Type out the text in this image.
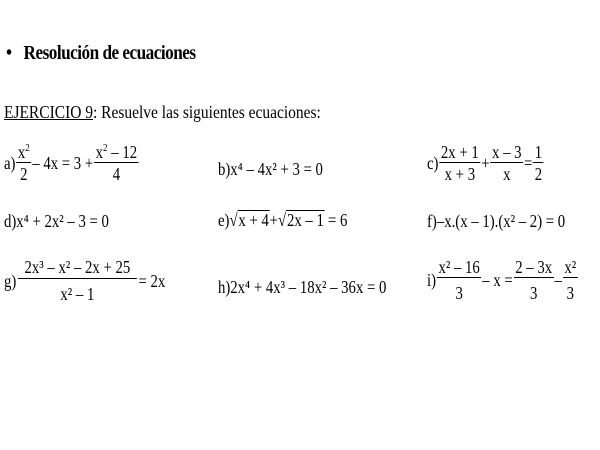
• Resolución de ecuaciones
EJERCICIO 9: Resuelve las siguientes ecuaciones:
$a) \frac{x^2}{2} - 4x = 3 + \frac{x^2 - 12}{4}$	b) x⁴ – 4x² + 3 = 0	$c) \frac{2x + 1}{x + 3} + \frac{x - 3}{x} = \frac{1}{2}$
d) x⁴ + 2x² – 3 = 0	e) √ x + 4 + √ 2x – 1 = 6	f) –x.(x – 1).(x² – 2) = 0
$g) \frac{\text{2x³ – x² – 2x + 25}}{\text{x² – 1}} = 2x$	h) 2x⁴ + 4x³ – 18x² – 36x = 0 $i) \frac{\text{x² – 16}}{3} - x = \frac{2 - 3x}{3} - \frac{\text{x²}}{3}$
